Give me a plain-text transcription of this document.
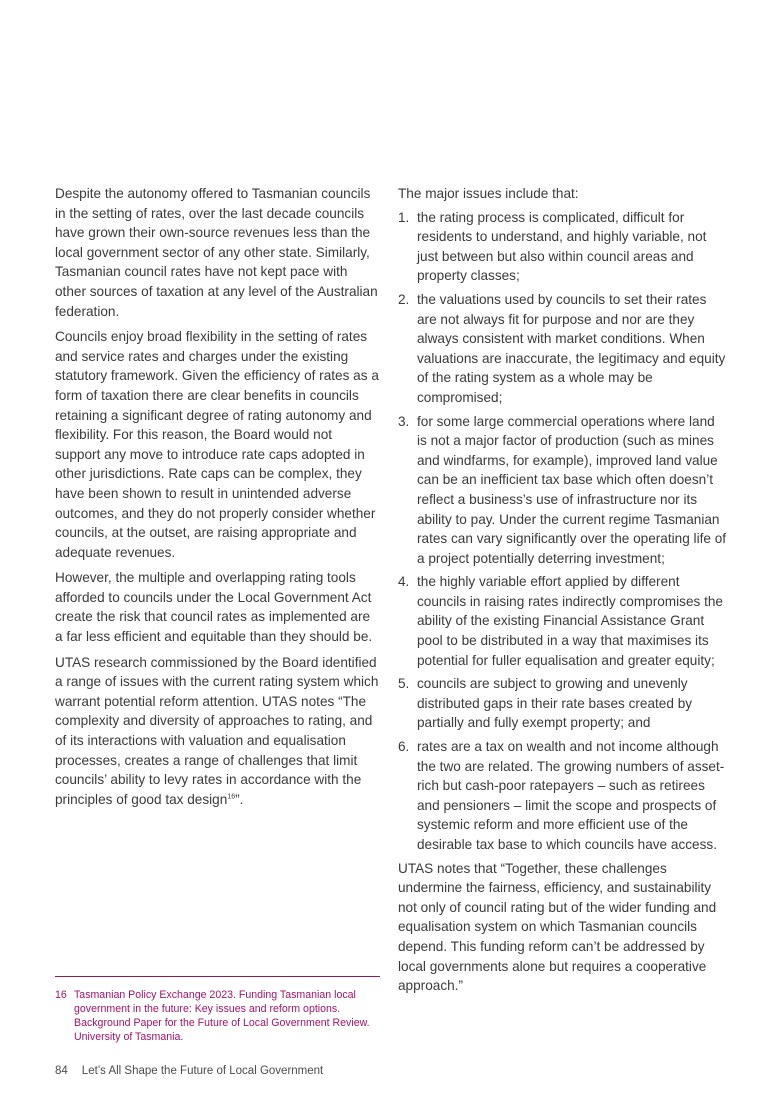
Despite the autonomy offered to Tasmanian councils in the setting of rates, over the last decade councils have grown their own-source revenues less than the local government sector of any other state. Similarly, Tasmanian council rates have not kept pace with other sources of taxation at any level of the Australian federation.

Councils enjoy broad flexibility in the setting of rates and service rates and charges under the existing statutory framework. Given the efficiency of rates as a form of taxation there are clear benefits in councils retaining a significant degree of rating autonomy and flexibility. For this reason, the Board would not support any move to introduce rate caps adopted in other jurisdictions. Rate caps can be complex, they have been shown to result in unintended adverse outcomes, and they do not properly consider whether councils, at the outset, are raising appropriate and adequate revenues.

However, the multiple and overlapping rating tools afforded to councils under the Local Government Act create the risk that council rates as implemented are a far less efficient and equitable than they should be.

UTAS research commissioned by the Board identified a range of issues with the current rating system which warrant potential reform attention. UTAS notes “The complexity and diversity of approaches to rating, and of its interactions with valuation and equalisation processes, creates a range of challenges that limit councils’ ability to levy rates in accordance with the principles of good tax design$^{16}$”.

The major issues include that:

1. the rating process is complicated, difficult for residents to understand, and highly variable, not just between but also within council areas and property classes;
2. the valuations used by councils to set their rates are not always fit for purpose and nor are they always consistent with market conditions. When valuations are inaccurate, the legitimacy and equity of the rating system as a whole may be compromised;
3. for some large commercial operations where land is not a major factor of production (such as mines and windfarms, for example), improved land value can be an inefficient tax base which often doesn’t reflect a business’s use of infrastructure nor its ability to pay. Under the current regime Tasmanian rates can vary significantly over the operating life of a project potentially deterring investment;
4. the highly variable effort applied by different councils in raising rates indirectly compromises the ability of the existing Financial Assistance Grant pool to be distributed in a way that maximises its potential for fuller equalisation and greater equity;
5. councils are subject to growing and unevenly distributed gaps in their rate bases created by partially and fully exempt property; and
6. rates are a tax on wealth and not income although the two are related. The growing numbers of asset-rich but cash-poor ratepayers – such as retirees and pensioners – limit the scope and prospects of systemic reform and more efficient use of the desirable tax base to which councils have access.

UTAS notes that “Together, these challenges undermine the fairness, efficiency, and sustainability not only of council rating but of the wider funding and equalisation system on which Tasmanian councils depend. This funding reform can’t be addressed by local governments alone but requires a cooperative approach.”

16 Tasmanian Policy Exchange 2023. Funding Tasmanian local government in the future: Key issues and reform options. Background Paper for the Future of Local Government Review. University of Tasmania.
84 Let’s All Shape the Future of Local Government
